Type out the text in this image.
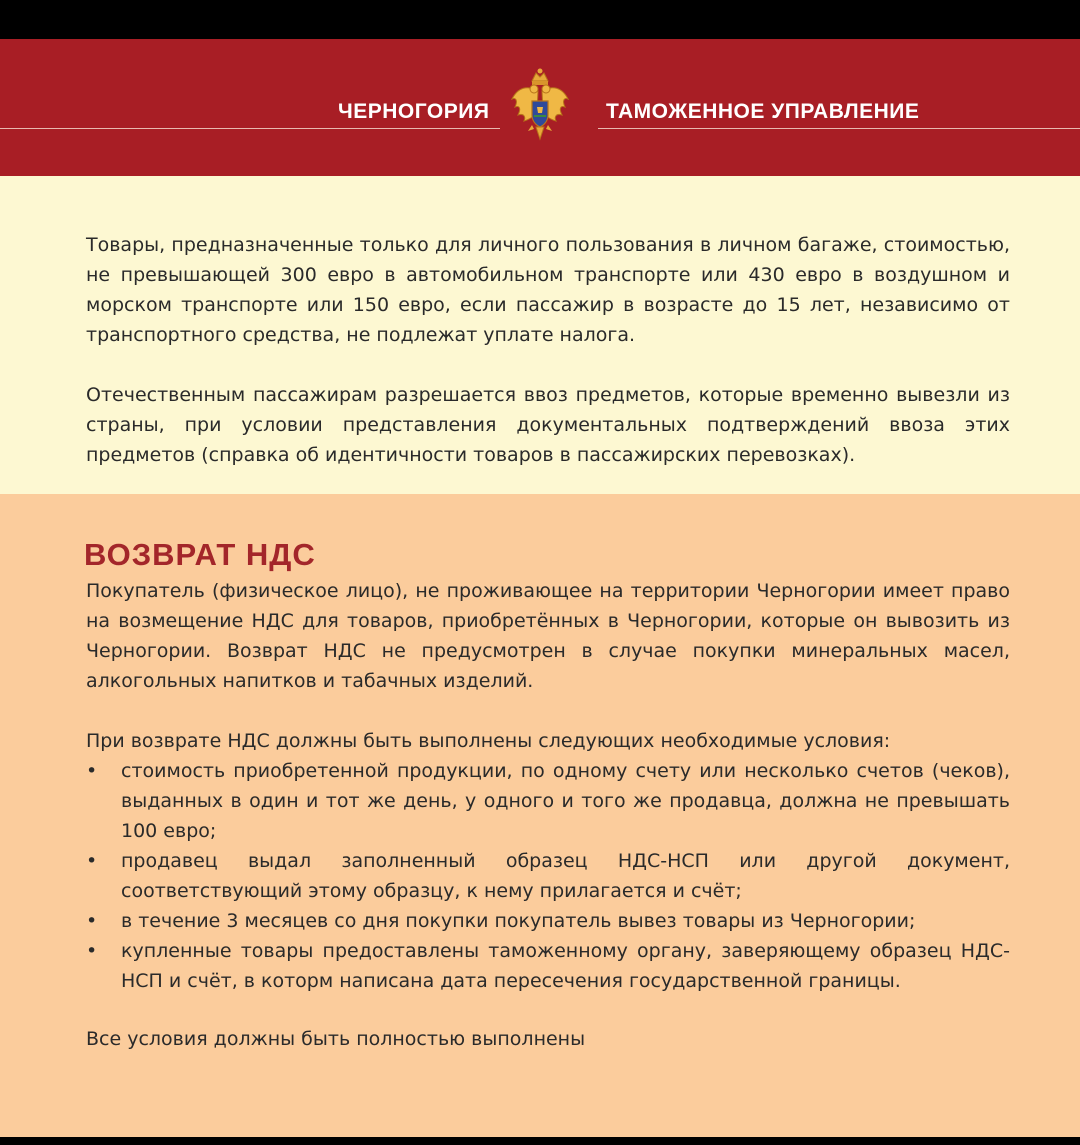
ЧЕРНОГОРИЯ	ТАМОЖЕННОЕ УПРАВЛЕНИЕ

Товары, предназначенные только для личного пользования в личном багаже, стоимостью, не превышающей 300 евро в автомобильном транспорте или 430 евро в воздушном и морском транспорте или 150 евро, если пассажир в возрасте до 15 лет, независимо от транспортного средства, не подлежат уплате налога.

Отечественным пассажирам разрешается ввоз предметов, которые временно вывезли из страны, при условии представления документальных подтверждений ввоза этих предметов (справка об идентичности товаров в пассажирских перевозках).

ВОЗВРАТ НДС

Покупатель (физическое лицо), не проживающее на территории Черногории имеет право на возмещение НДС для товаров, приобретённых в Черногории, которые он вывозить из Черногории. Возврат НДС не предусмотрен в случае покупки минеральных масел, алкогольных напитков и табачных изделий.

При возврате НДС должны быть выполнены следующих необходимые условия:

•	стоимость приобретенной продукции, по одному счету или несколько счетов (чеков), выданных в один и тот же день, у одного и того же продавца, должна не превышать 100 евро;
•	продавец выдал заполненный образец НДС-НСП или другой документ, соответствующий этому образцу, к нему прилагается и счёт;
•	в течение 3 месяцев со дня покупки покупатель вывез товары из Черногории;
•	купленные товары предоставлены таможенному органу, заверяющему образец НДС-НСП и счёт, в которм написана дата пересечения государственной границы.

Все условия должны быть полностью выполнены
